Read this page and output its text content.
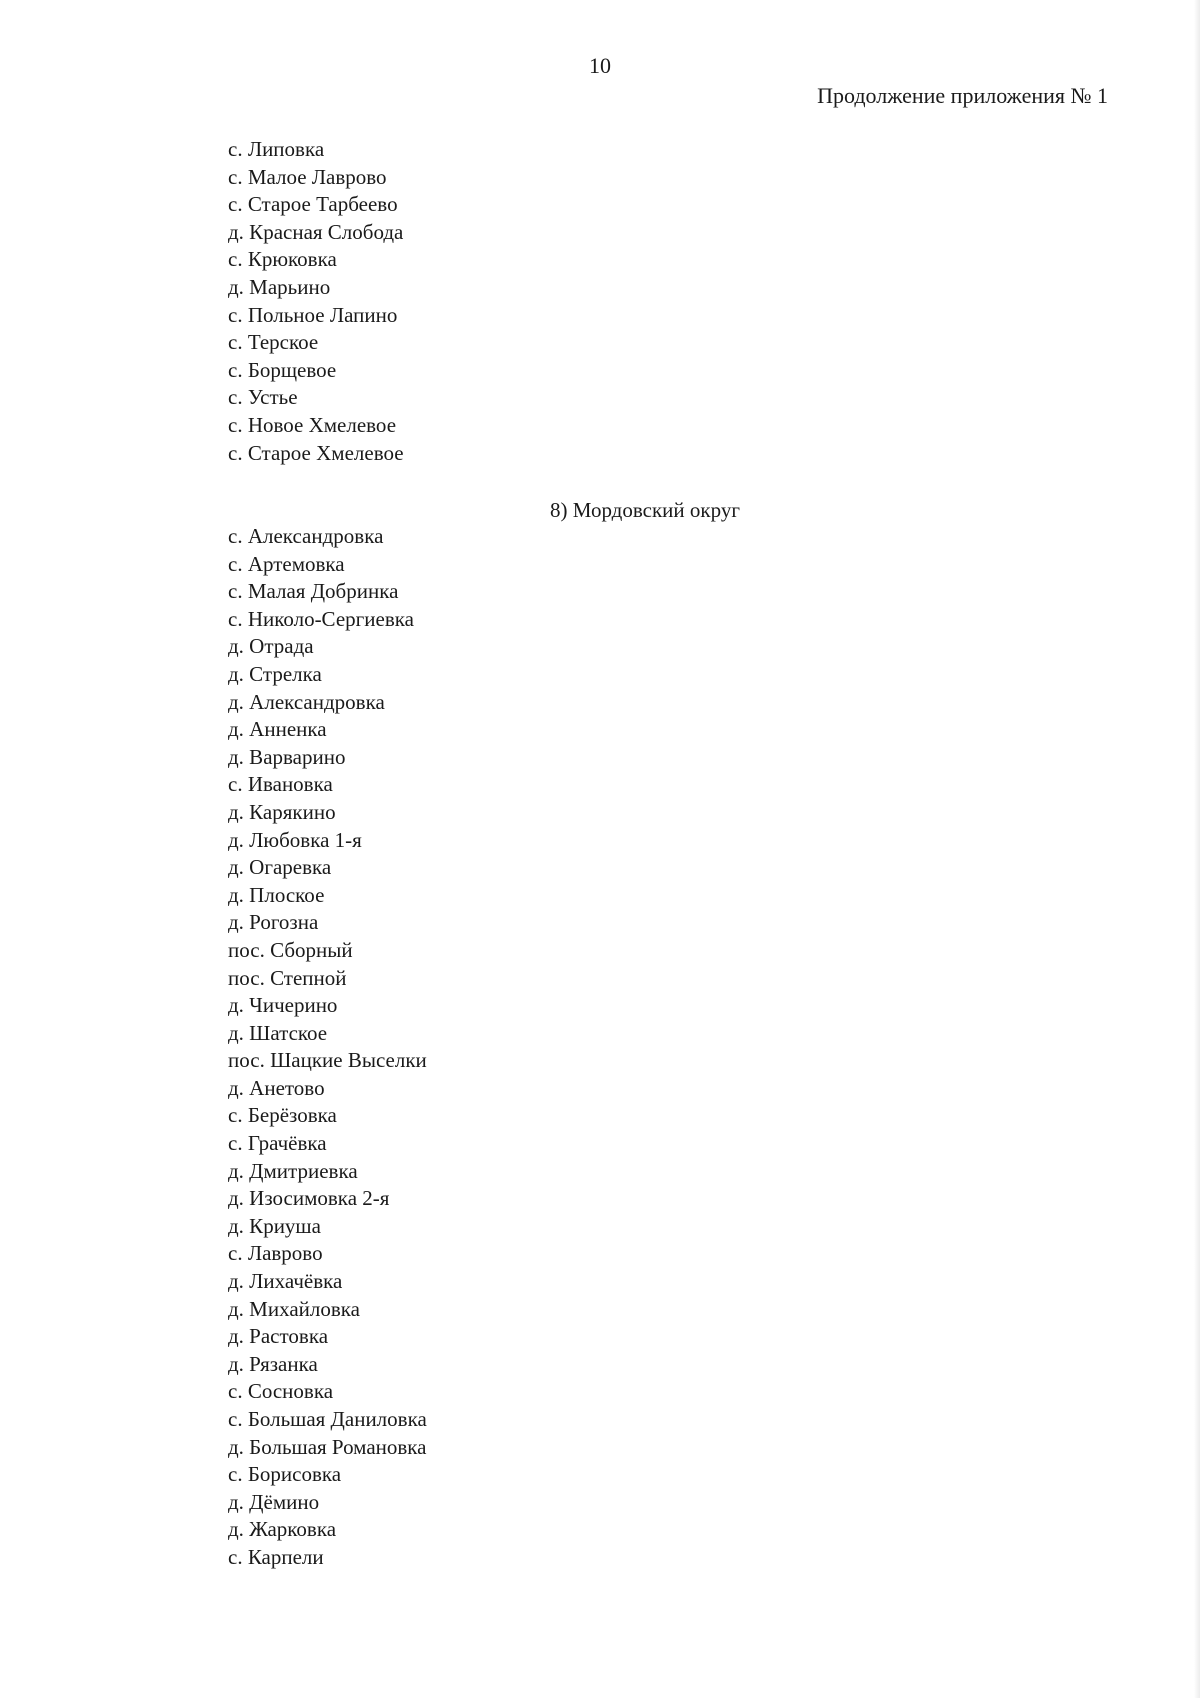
10
Продолжение приложения № 1
с. Липовка
с. Малое Лаврово
с. Старое Тарбеево
д. Красная Слобода
с. Крюковка
д. Марьино
с. Польное Лапино
с. Терское
с. Борщевое
с. Устье
с. Новое Хмелевое
с. Старое Хмелевое
8) Мордовский округ
с. Александровка
с. Артемовка
с. Малая Добринка
с. Николо-Сергиевка
д. Отрада
д. Стрелка
д. Александровка
д. Анненка
д. Варварино
с. Ивановка
д. Карякино
д. Любовка 1-я
д. Огаревка
д. Плоское
д. Рогозна
пос. Сборный
пос. Степной
д. Чичерино
д. Шатское
пос. Шацкие Выселки
д. Анетово
с. Берёзовка
с. Грачёвка
д. Дмитриевка
д. Изосимовка 2-я
д. Криуша
с. Лаврово
д. Лихачёвка
д. Михайловка
д. Растовка
д. Рязанка
с. Сосновка
с. Большая Даниловка
д. Большая Романовка
с. Борисовка
д. Дёмино
д. Жарковка
с. Карпели
